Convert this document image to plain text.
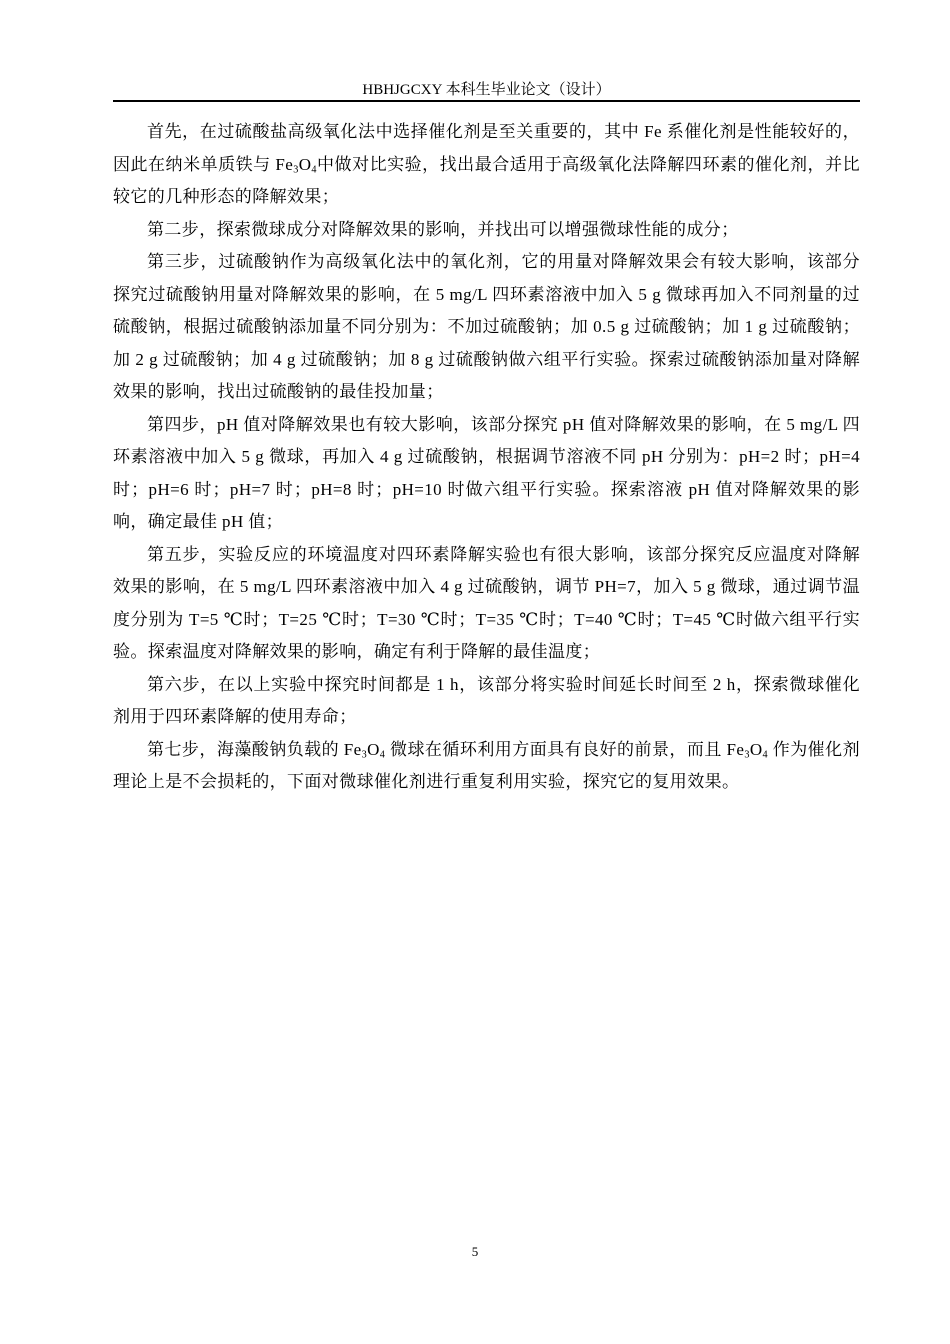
HBHJGCXY 本科生毕业论文（设计）

首先，在过硫酸盐高级氧化法中选择催化剂是至关重要的，其中 Fe 系催化剂是性能较好的，因此在纳米单质铁与 $Fe_3O_4$中做对比实验，找出最合适用于高级氧化法降解四环素的催化剂，并比较它的几种形态的降解效果；

第二步，探索微球成分对降解效果的影响，并找出可以增强微球性能的成分；

第三步，过硫酸钠作为高级氧化法中的氧化剂，它的用量对降解效果会有较大影响，该部分探究过硫酸钠用量对降解效果的影响，在 5 mg/L 四环素溶液中加入 5 g 微球再加入不同剂量的过硫酸钠，根据过硫酸钠添加量不同分别为：不加过硫酸钠；加 0.5 g 过硫酸钠；加 1 g 过硫酸钠；加 2 g 过硫酸钠；加 4 g 过硫酸钠；加 8 g 过硫酸钠做六组平行实验。探索过硫酸钠添加量对降解效果的影响，找出过硫酸钠的最佳投加量；

第四步，pH 值对降解效果也有较大影响，该部分探究 pH 值对降解效果的影响，在 5 mg/L 四环素溶液中加入 5 g 微球，再加入 4 g 过硫酸钠，根据调节溶液不同 pH 分别为：pH=2 时；pH=4 时；pH=6 时；pH=7 时；pH=8 时；pH=10 时做六组平行实验。探索溶液 pH 值对降解效果的影响，确定最佳 pH 值；

第五步，实验反应的环境温度对四环素降解实验也有很大影响，该部分探究反应温度对降解效果的影响，在 5 mg/L 四环素溶液中加入 4 g 过硫酸钠，调节 PH=7，加入 5 g 微球，通过调节温度分别为 T=5 ℃时；T=25 ℃时；T=30 ℃时；T=35 ℃时；T=40 ℃时；T=45 ℃时做六组平行实验。探索温度对降解效果的影响，确定有利于降解的最佳温度；

第六步，在以上实验中探究时间都是 1 h，该部分将实验时间延长时间至 2 h，探索微球催化剂用于四环素降解的使用寿命；

第七步，海藻酸钠负载的 $Fe_3O_4$ 微球在循环利用方面具有良好的前景，而且 $Fe_3O_4$ 作为催化剂理论上是不会损耗的，下面对微球催化剂进行重复利用实验，探究它的复用效果。

5
